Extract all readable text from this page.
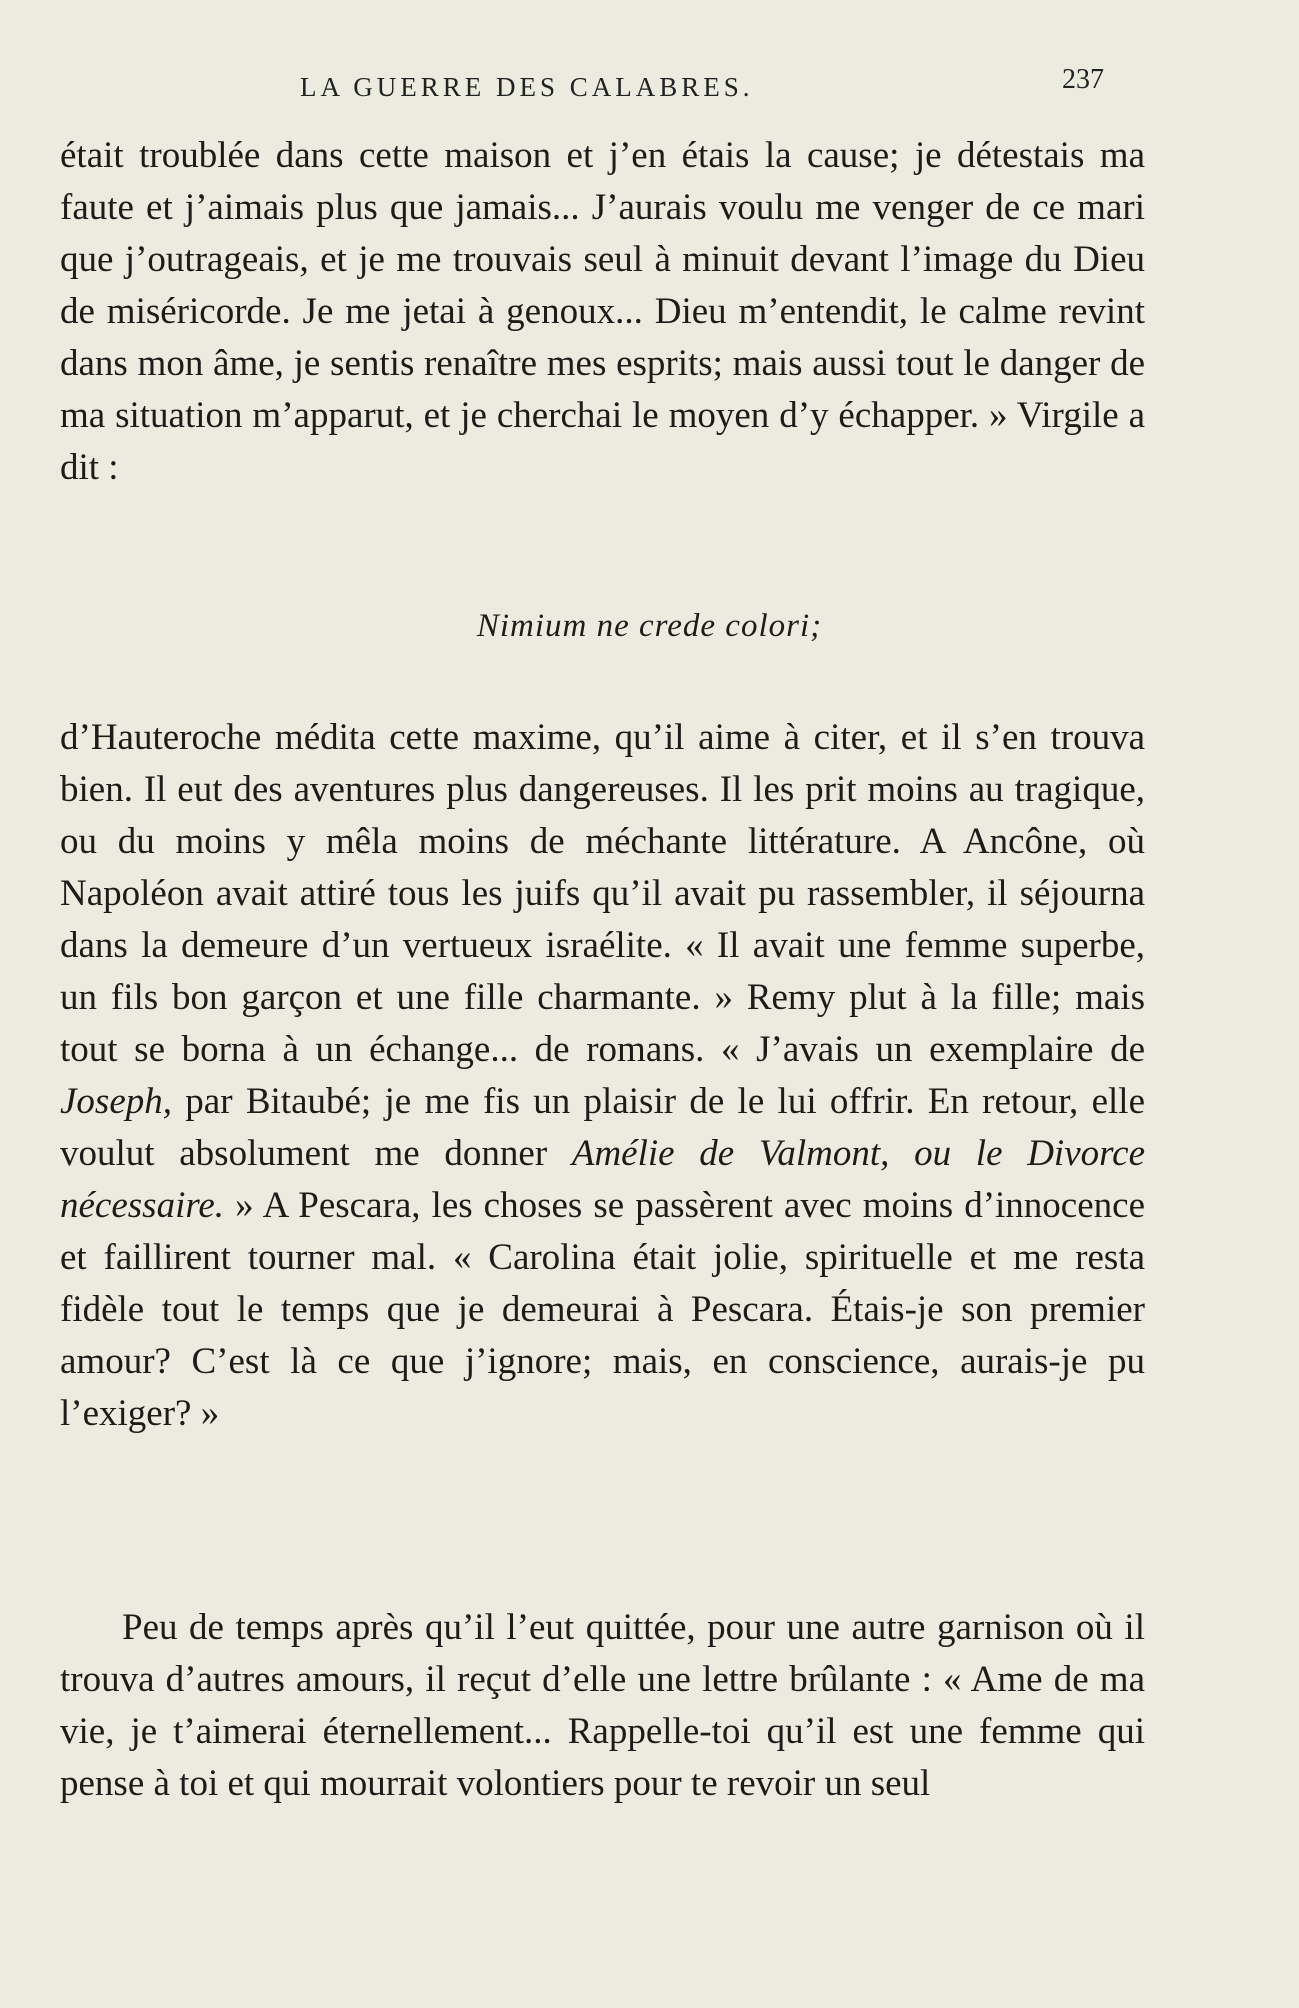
LA GUERRE DES CALABRES.	237

était troublée dans cette maison et j’en étais la cause; je détestais ma faute et j’aimais plus que jamais... J’aurais voulu me venger de ce mari que j’outrageais, et je me trouvais seul à minuit devant l’image du Dieu de miséricorde. Je me jetai à genoux... Dieu m’entendit, le calme revint dans mon âme, je sentis renaître mes esprits; mais aussi tout le danger de ma situation m’apparut, et je cherchai le moyen d’y échapper. » Virgile a dit :

Nimium ne crede colori;

d’Hauteroche médita cette maxime, qu’il aime à citer, et il s’en trouva bien. Il eut des aventures plus dangereuses. Il les prit moins au tragique, ou du moins y mêla moins de méchante littérature. A Ancône, où Napoléon avait attiré tous les juifs qu’il avait pu rassembler, il séjourna dans la demeure d’un vertueux israélite. « Il avait une femme superbe, un fils bon garçon et une fille charmante. » Remy plut à la fille; mais tout se borna à un échange... de romans. « J’avais un exemplaire de Joseph, par Bitaubé; je me fis un plaisir de le lui offrir. En retour, elle voulut absolument me donner Amélie de Valmont, ou le Divorce nécessaire. » A Pescara, les choses se passèrent avec moins d’innocence et faillirent tourner mal. « Carolina était jolie, spirituelle et me resta fidèle tout le temps que je demeurai à Pescara. Étais-je son premier amour? C’est là ce que j’ignore; mais, en conscience, aurais-je pu l’exiger? »

Peu de temps après qu’il l’eut quittée, pour une autre garnison où il trouva d’autres amours, il reçut d’elle une lettre brûlante : « Ame de ma vie, je t’aimerai éternellement... Rappelle-toi qu’il est une femme qui pense à toi et qui mourrait volontiers pour te revoir un seul
